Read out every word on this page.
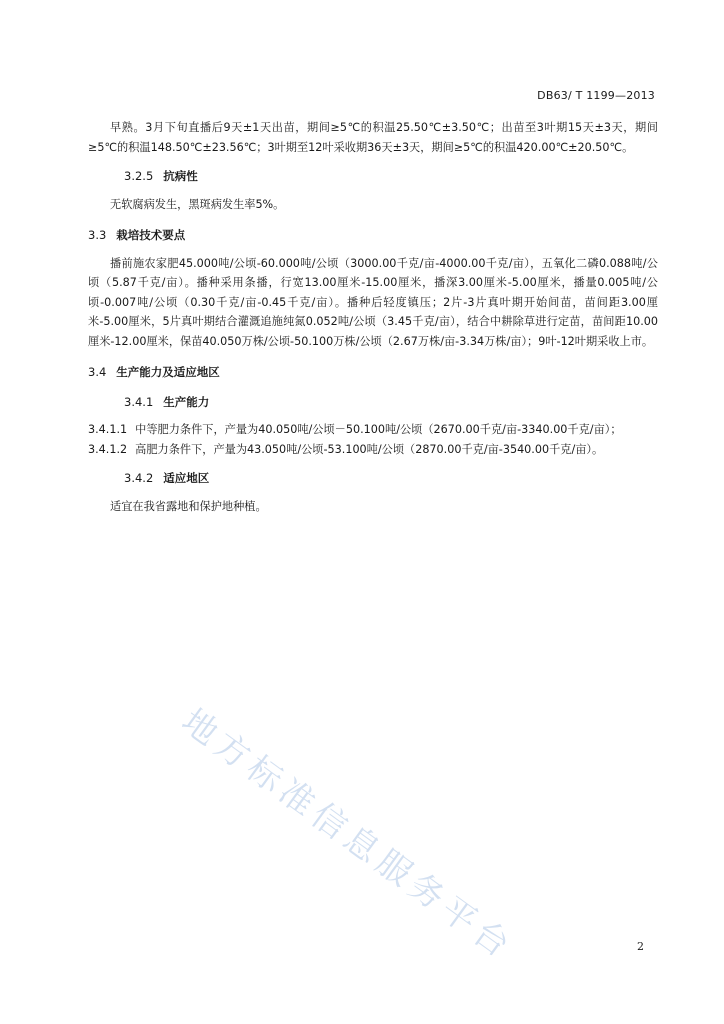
DB63/ T 1199—2013

早熟。3月下旬直播后9天±1天出苗，期间≥5℃的积温25.50℃±3.50℃；出苗至3叶期15天±3天，期间≥5℃的积温148.50℃±23.56℃；3叶期至12叶采收期36天±3天，期间≥5℃的积温420.00℃±20.50℃。

3.2.5 抗病性

无软腐病发生，黑斑病发生率5%。

3.3 栽培技术要点

播前施农家肥45.000吨/公顷-60.000吨/公顷（3000.00千克/亩-4000.00千克/亩），五氧化二磷0.088吨/公顷（5.87千克/亩）。播种采用条播，行宽13.00厘米-15.00厘米，播深3.00厘米-5.00厘米，播量0.005吨/公顷-0.007吨/公顷（0.30千克/亩-0.45千克/亩）。播种后轻度镇压；2片-3片真叶期开始间苗，苗间距3.00厘米-5.00厘米，5片真叶期结合灌溉追施纯氮0.052吨/公顷（3.45千克/亩），结合中耕除草进行定苗，苗间距10.00厘米-12.00厘米，保苗40.050万株/公顷-50.100万株/公顷（2.67万株/亩-3.34万株/亩）；9叶-12叶期采收上市。

3.4 生产能力及适应地区
3.4.1 生产能力

3.4.1.1 中等肥力条件下，产量为40.050吨/公顷－50.100吨/公顷（2670.00千克/亩-3340.00千克/亩）；

3.4.1.2 高肥力条件下，产量为43.050吨/公顷-53.100吨/公顷（2870.00千克/亩-3540.00千克/亩）。

3.4.2 适应地区

适宜在我省露地和保护地种植。

地方标准信息服务平台	2
